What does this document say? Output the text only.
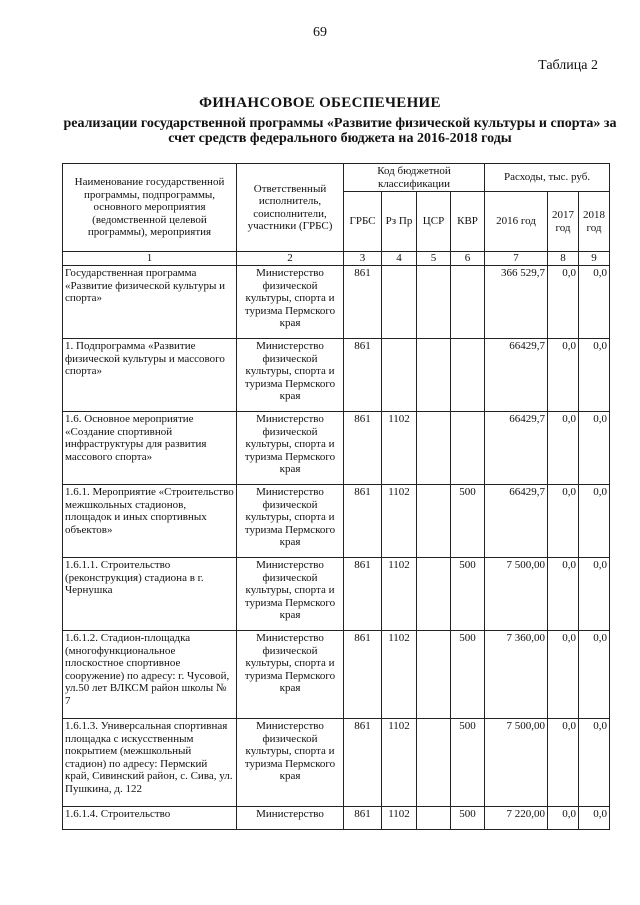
69
Таблица 2
ФИНАНСОВОЕ ОБЕСПЕЧЕНИЕ
реализации государственной программы «Развитие физической культуры и спорта» за счет средств федерального бюджета на 2016-2018 годы
Наименование государственной программы, подпрограммы, основного мероприятия (ведомственной целевой программы), мероприятия	Ответственный исполнитель, соисполнители, участники (ГРБС)	Код бюджетной классификации				Расходы, тыс. руб.		
		ГРБС	Рз Пр	ЦСР	КВР	2016 год	2017 год	2018 год
1	2	3	4	5	6	7	8	9
Государственная программа «Развитие физической культуры и спорта»	Министерство физической культуры, спорта и туризма Пермского края	861				366 529,7	0,0	0,0
1. Подпрограмма «Развитие физической культуры и массового спорта»	Министерство физической культуры, спорта и туризма Пермского края	861				66429,7	0,0	0,0
1.6. Основное мероприятие «Создание спортивной инфраструктуры для развития массового спорта»	Министерство физической культуры, спорта и туризма Пермского края	861	1102			66429,7	0,0	0,0
1.6.1. Мероприятие «Строительство межшкольных стадионов, площадок и иных спортивных объектов»	Министерство физической культуры, спорта и туризма Пермского края	861	1102		500	66429,7	0,0	0,0
1.6.1.1. Строительство (реконструкция) стадиона в г. Чернушка	Министерство физической культуры, спорта и туризма Пермского края	861	1102		500	7 500,00	0,0	0,0
1.6.1.2. Стадион-площадка (многофункциональное плоскостное спортивное сооружение) по адресу: г. Чусовой, ул.50 лет ВЛКСМ район школы № 7	Министерство физической культуры, спорта и туризма Пермского края	861	1102		500	7 360,00	0,0	0,0
1.6.1.3. Универсальная спортивная площадка с искусственным покрытием (межшкольный стадион) по адресу: Пермский край, Сивинский район, с. Сива, ул. Пушкина, д. 122	Министерство физической культуры, спорта и туризма Пермского края	861	1102		500	7 500,00	0,0	0,0
1.6.1.4. Строительство	Министерство	861	1102		500	7 220,00	0,0	0,0
